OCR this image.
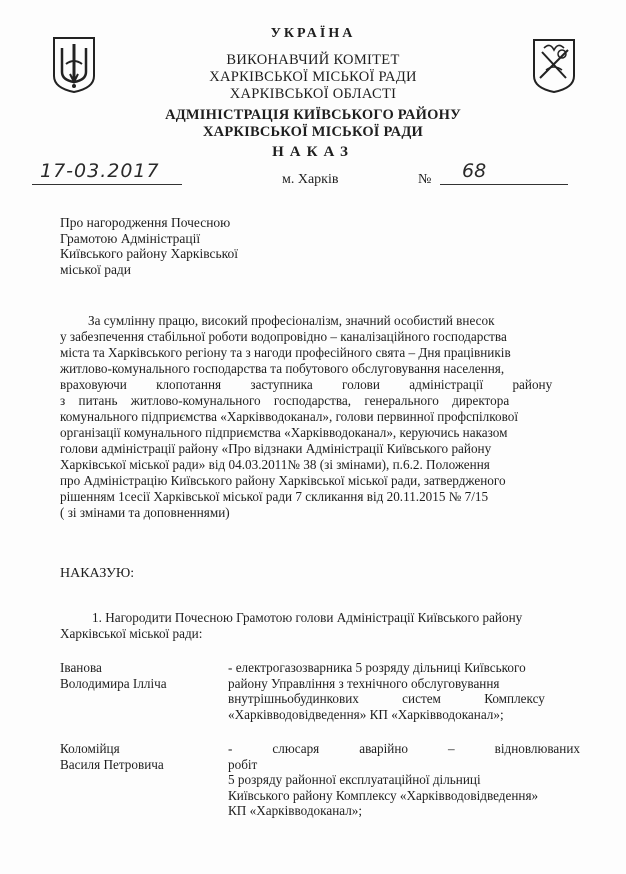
УКРАЇНА
ВИКОНАВЧИЙ КОМІТЕТ
ХАРКІВСЬКОЇ МІСЬКОЇ РАДИ
ХАРКІВСЬКОЇ ОБЛАСТІ
АДМІНІСТРАЦІЯ КИЇВСЬКОГО РАЙОНУ
ХАРКІВСЬКОЇ МІСЬКОЇ РАДИ
НАКАЗ
17-03.2017	м. Харків	№ 68
Про нагородження Почесною
Грамотою Адміністрації
Київського району Харківської
міської ради
За сумлінну працю, високий професіоналізм, значний особистий внесок
у забезпечення стабільної роботи водопровідно – каналізаційного господарства
міста та Харківського регіону та з нагоди професійного свята – Дня працівників
житлово-комунального господарства та побутового обслуговування населення,
враховуючи клопотання заступника голови адміністрації району
з питань житлово-комунального господарства, генерального директора
комунального підприємства «Харківводоканал», голови первинної профспілкової
організації комунального підприємства «Харківводоканал», керуючись наказом
голови адміністрації району «Про відзнаки Адміністрації Київського району
Харківської міської ради» від 04.03.2011№ 38 (зі змінами), п.6.2. Положення
про Адміністрацію Київського району Харківської міської ради, затвердженого
рішенням 1сесії Харківської міської ради 7 скликання від 20.11.2015 № 7/15
( зі змінами та доповненнями)
НАКАЗУЮ:
1. Нагородити Почесною Грамотою голови Адміністрації Київського району
Харківської міської ради:
Іванова
Володимира Ілліча
- електрогазозварника 5 розряду дільниці Київського
району Управління з технічного обслуговування
внутрішньобудинкових систем Комплексу
«Харківводовідведення» КП «Харківводоканал»;
Коломійця
Василя Петровича
- слюсаря аварійно – відновлюваних робіт
5 розряду районної експлуатаційної дільниці
Київського району Комплексу «Харківводовідведення»
КП «Харківводоканал»;
